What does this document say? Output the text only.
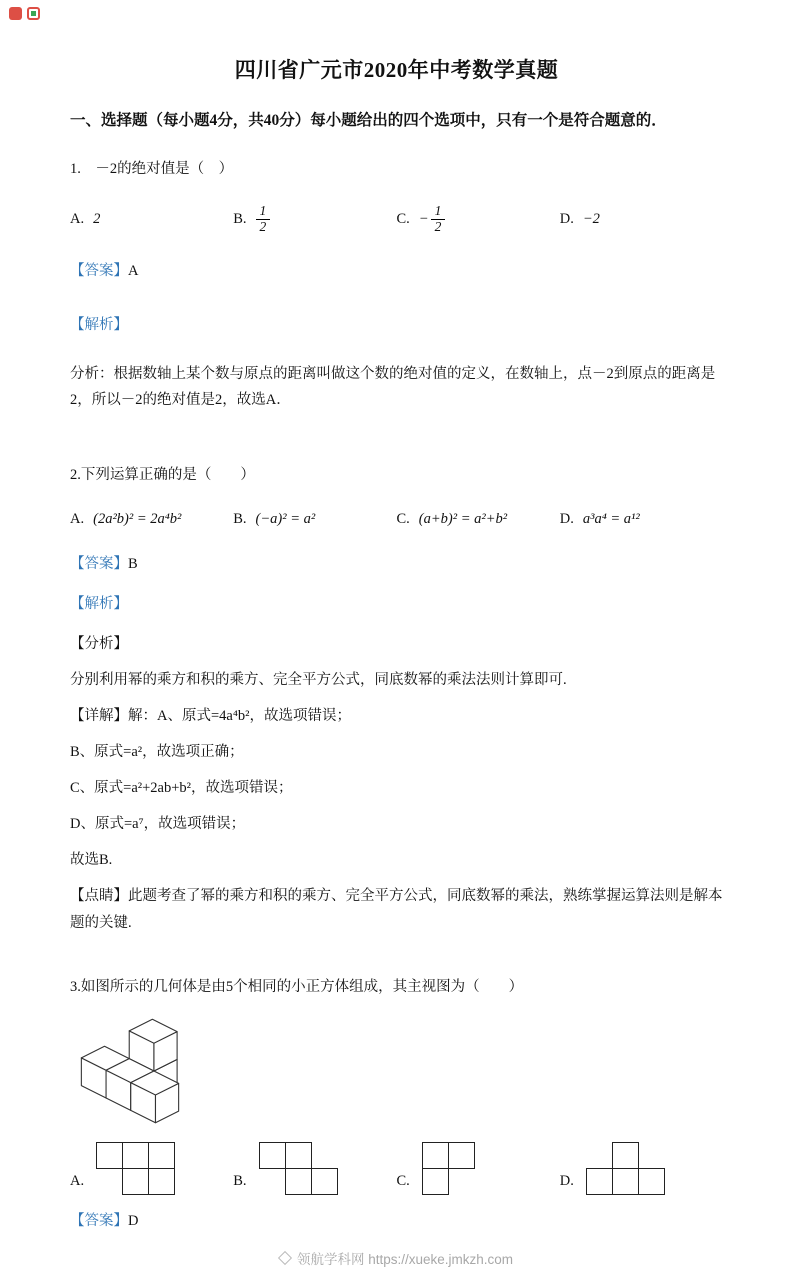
四川省广元市2020年中考数学真题
一、选择题（每小题4分，共40分）每小题给出的四个选项中，只有一个是符合题意的．
1.　－2的绝对值是（　）
A. 2	B. $\frac{1}{2}$	C. − $\frac{1}{2}$	D. −2
【答案】A
【解析】
分析：根据数轴上某个数与原点的距离叫做这个数的绝对值的定义，在数轴上，点－2到原点的距离是2，所以－2的绝对值是2，故选A．
2.下列运算正确的是（　　）
A. (2a²b)² = 2a⁴b²	B. (−a)² = a²	C. (a+b)² = a²+b²	D. a³a⁴ = a¹²
【答案】B
【解析】
【分析】
分别利用幂的乘方和积的乘方、完全平方公式，同底数幂的乘法法则计算即可.
【详解】解：A、原式=4a⁴b²，故选项错误；
B、原式=a²，故选项正确；
C、原式=a²+2ab+b²，故选项错误；
D、原式=a⁷，故选项错误；
故选B.
【点睛】此题考查了幂的乘方和积的乘方、完全平方公式，同底数幂的乘法，熟练掌握运算法则是解本题的关键.
3.如图所示的几何体是由5个相同的小正方体组成，其主视图为（　　）
A.	B.	C.	D.
【答案】D
领航学科网 https://xueke.jmkzh.com
